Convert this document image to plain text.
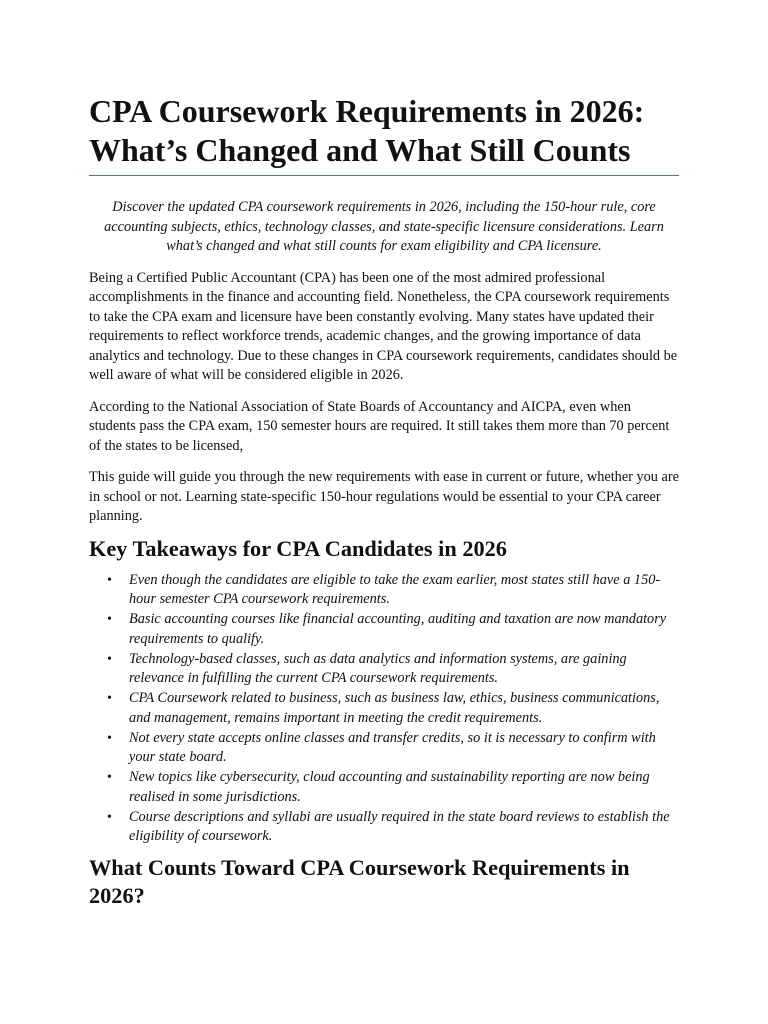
CPA Coursework Requirements in 2026: What’s Changed and What Still Counts

Discover the updated CPA coursework requirements in 2026, including the 150-hour rule, core accounting subjects, ethics, technology classes, and state-specific licensure considerations. Learn what’s changed and what still counts for exam eligibility and CPA licensure.

Being a Certified Public Accountant (CPA) has been one of the most admired professional accomplishments in the finance and accounting field. Nonetheless, the CPA coursework requirements to take the CPA exam and licensure have been constantly evolving. Many states have updated their requirements to reflect workforce trends, academic changes, and the growing importance of data analytics and technology. Due to these changes in CPA coursework requirements, candidates should be well aware of what will be considered eligible in 2026.

According to the National Association of State Boards of Accountancy and AICPA, even when students pass the CPA exam, 150 semester hours are required. It still takes them more than 70 percent of the states to be licensed,

This guide will guide you through the new requirements with ease in current or future, whether you are in school or not. Learning state-specific 150-hour regulations would be essential to your CPA career planning.

Key Takeaways for CPA Candidates in 2026
• Even though the candidates are eligible to take the exam earlier, most states still have a 150-hour semester CPA coursework requirements.
• Basic accounting courses like financial accounting, auditing and taxation are now mandatory requirements to qualify.
• Technology-based classes, such as data analytics and information systems, are gaining relevance in fulfilling the current CPA coursework requirements.
• CPA Coursework related to business, such as business law, ethics, business communications, and management, remains important in meeting the credit requirements.
• Not every state accepts online classes and transfer credits, so it is necessary to confirm with your state board.
• New topics like cybersecurity, cloud accounting and sustainability reporting are now being realised in some jurisdictions.
• Course descriptions and syllabi are usually required in the state board reviews to establish the eligibility of coursework.
What Counts Toward CPA Coursework Requirements in 2026?
